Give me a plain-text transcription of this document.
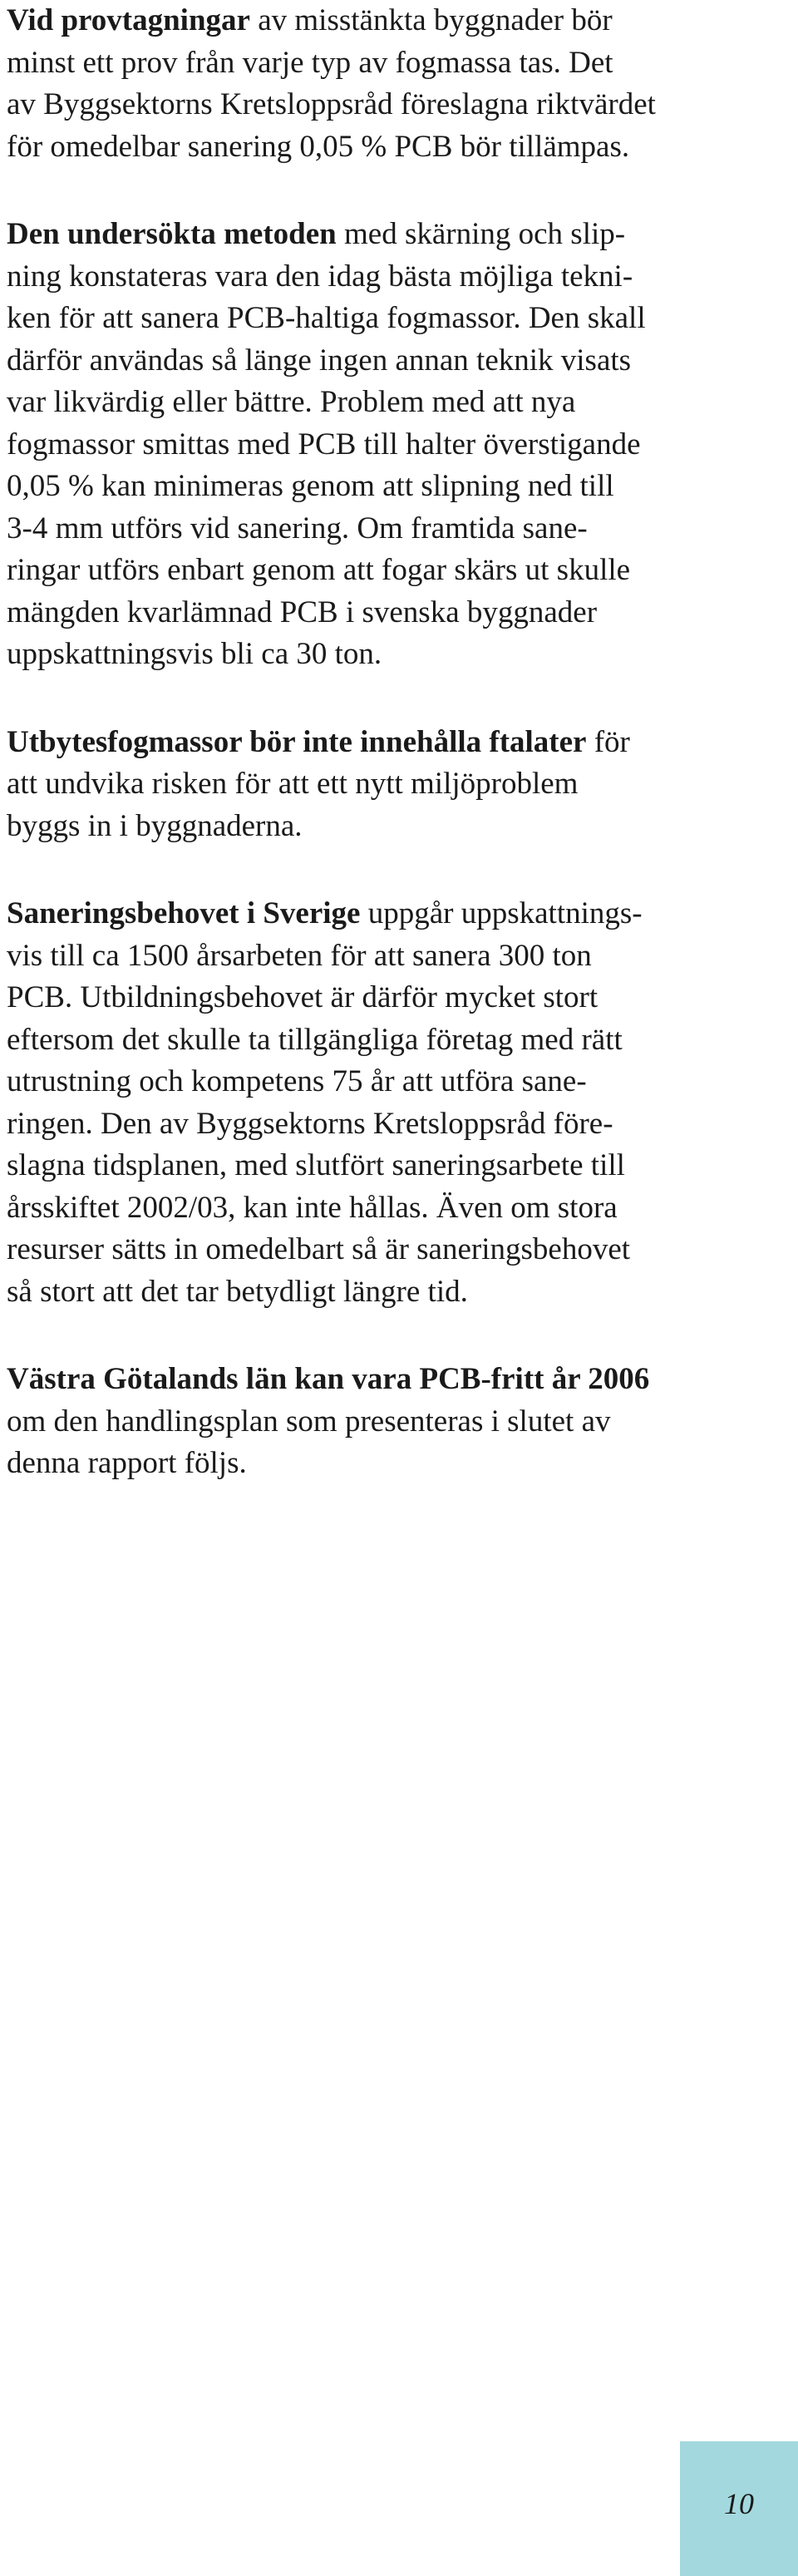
Vid provtagningar av misstänkta byggnader bör
minst ett prov från varje typ av fogmassa tas. Det
av Byggsektorns Kretsloppsråd föreslagna riktvärdet
för omedelbar sanering 0,05 % PCB bör tillämpas.

Den undersökta metoden med skärning och slip-
ning konstateras vara den idag bästa möjliga tekni-
ken för att sanera PCB-haltiga fogmassor. Den skall
därför användas så länge ingen annan teknik visats
var likvärdig eller bättre. Problem med att nya
fogmassor smittas med PCB till halter överstigande
0,05 % kan minimeras genom att slipning ned till
3-4 mm utförs vid sanering. Om framtida sane-
ringar utförs enbart genom att fogar skärs ut skulle
mängden kvarlämnad PCB i svenska byggnader
uppskattningsvis bli ca 30 ton.

Utbytesfogmassor bör inte innehålla ftalater för
att undvika risken för att ett nytt miljöproblem
byggs in i byggnaderna.

Saneringsbehovet i Sverige uppgår uppskattnings-
vis till ca 1500 årsarbeten för att sanera 300 ton
PCB. Utbildningsbehovet är därför mycket stort
eftersom det skulle ta tillgängliga företag med rätt
utrustning och kompetens 75 år att utföra sane-
ringen. Den av Byggsektorns Kretsloppsråd före-
slagna tidsplanen, med slutfört saneringsarbete till
årsskiftet 2002/03, kan inte hållas. Även om stora
resurser sätts in omedelbart så är saneringsbehovet
så stort att det tar betydligt längre tid.

Västra Götalands län kan vara PCB-fritt år 2006
om den handlingsplan som presenteras i slutet av
denna rapport följs.

10
